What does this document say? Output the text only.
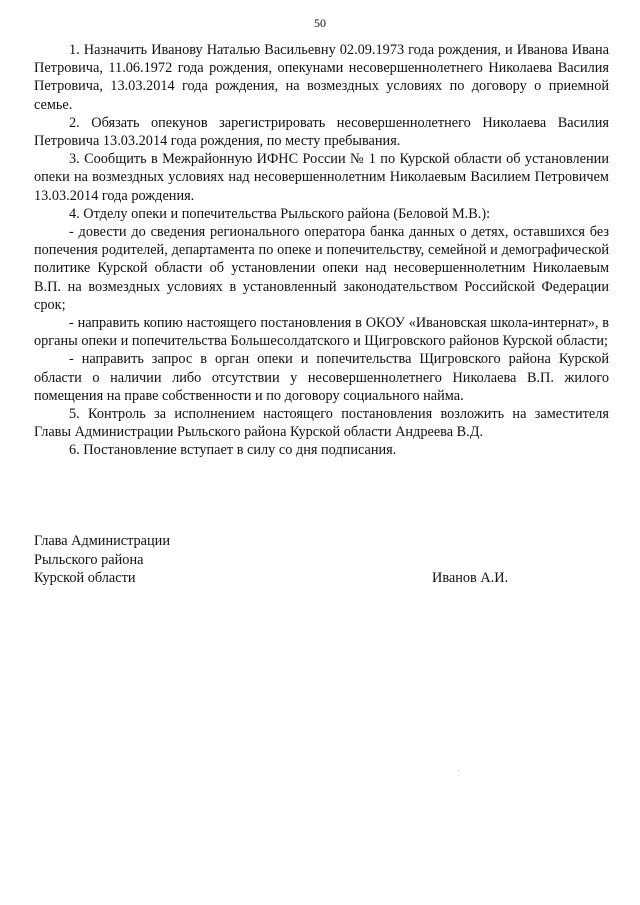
50

1. Назначить Иванову Наталью Васильевну 02.09.1973 года рождения, и Иванова Ивана Петровича, 11.06.1972 года рождения, опекунами несовершеннолетнего Николаева Василия Петровича, 13.03.2014 года рождения, на возмездных условиях по договору о приемной семье.

2. Обязать опекунов зарегистрировать несовершеннолетнего Николаева Василия Петровича 13.03.2014 года рождения, по месту пребывания.

3. Сообщить в Межрайонную ИФНС России № 1 по Курской области об установлении опеки на возмездных условиях над несовершеннолетним Николаевым Василием Петровичем 13.03.2014 года рождения.

4. Отделу опеки и попечительства Рыльского района (Беловой М.В.):

- довести до сведения регионального оператора банка данных о детях, оставшихся без попечения родителей, департамента по опеке и попечительству, семейной и демографической политике Курской области об установлении опеки над несовершеннолетним Николаевым В.П. на возмездных условиях в установленный законодательством Российской Федерации срок;

- направить копию настоящего постановления в ОКОУ «Ивановская школа-интернат», в органы опеки и попечительства Большесолдатского и Щигровского районов Курской области;

- направить запрос в орган опеки и попечительства Щигровского района Курской области о наличии либо отсутствии у несовершеннолетнего Николаева В.П. жилого помещения на праве собственности и по договору социального найма.

5. Контроль за исполнением настоящего постановления возложить на заместителя Главы Администрации Рыльского района Курской области Андреева В.Д.

6. Постановление вступает в силу со дня подписания.

Глава Администрации
Рыльского района
Курской области	Иванов А.И.
